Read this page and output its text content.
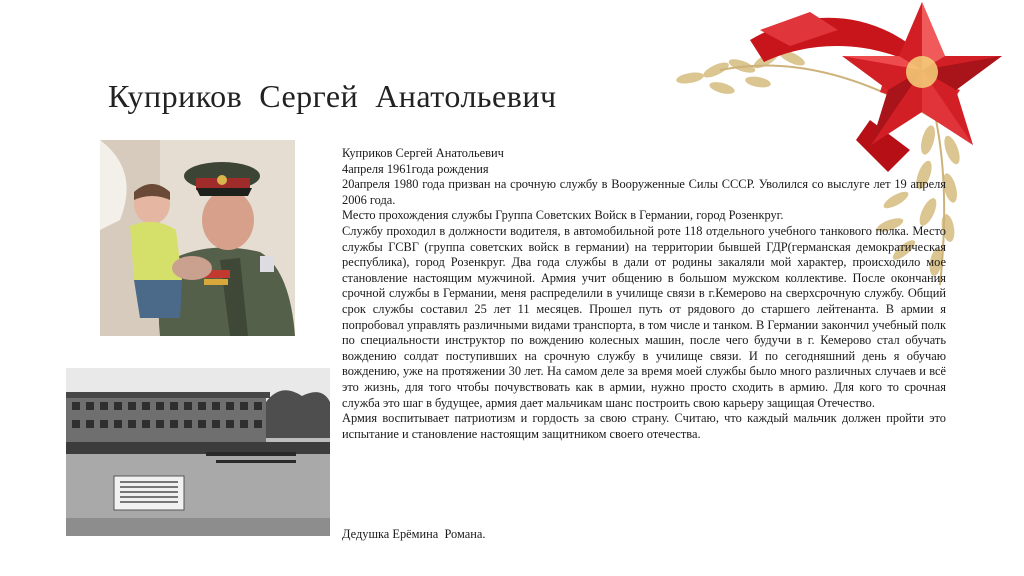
Куприков  Сергей  Анатольевич

Куприков Сергей Анатольевич

4апреля 1961года рождения

20апреля 1980 года призван на срочную службу в Вооруженные Силы СССР. Уволился со выслуге лет 19 апреля 2006 года.

Место прохождения службы Группа Советских Войск в Германии, город Розенкруг.

Службу проходил в должности водителя, в автомобильной роте 118 отдельного учебного танкового полка. Место службы ГСВГ (группа советских войск в германии) на территории бывшей ГДР(германская демократическая республика), город Розенкруг. Два года службы в дали от родины закаляли мой характер, происходило мое становление настоящим мужчиной. Армия учит общению в большом мужском коллективе. После окончания срочной службы в Германии, меня распределили в училище связи в г.Кемерово на сверхсрочную службу. Общий срок службы составил 25 лет 11 месяцев. Прошел путь от рядового до старшего лейтенанта. В армии я попробовал управлять различными видами транспорта, в том числе и танком. В Германии закончил учебный полк по специальности инструктор по вождению колесных машин, после чего будучи в г. Кемерово стал обучать вождению солдат поступивших на срочную службу в училище связи. И по сегодняшний день я обучаю вождению, уже на протяжении 30 лет. На самом деле за время моей службы было много различных случаев и всё это жизнь, для того чтобы почувствовать как в армии, нужно просто сходить в армию. Для кого то срочная служба это шаг в будущее, армия дает мальчикам шанс построить свою карьеру защищая Отечество.

Армия воспитывает патриотизм и гордость за свою страну. Считаю, что каждый мальчик должен пройти это испытание и становление настоящим защитником своего отечества.

Дедушка Ерёмина  Романа.
